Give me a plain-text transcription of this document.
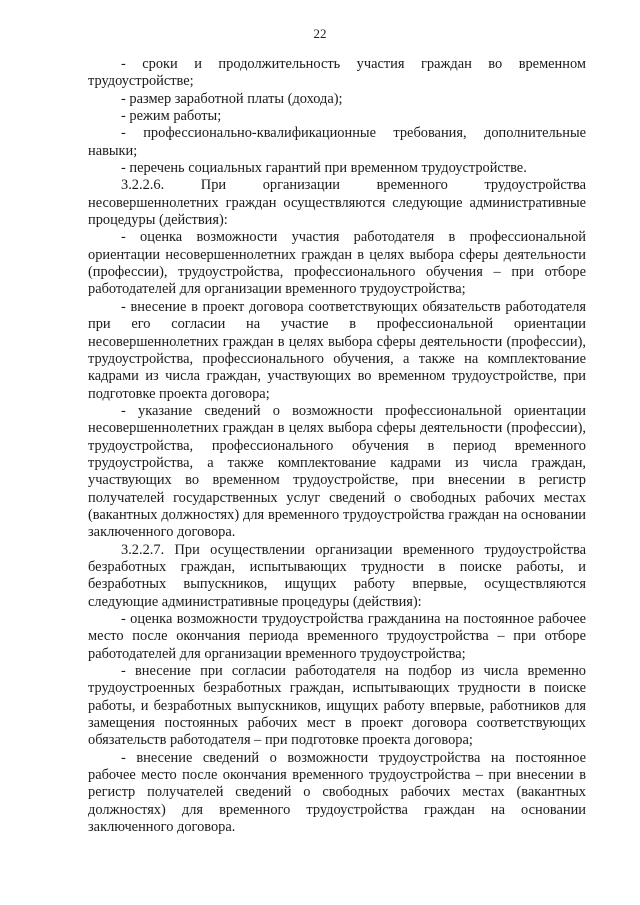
22

- сроки и продолжительность участия граждан во временном трудоустройстве;

- размер заработной платы (дохода);

- режим работы;

- профессионально-квалификационные требования, дополнительные навыки;

- перечень социальных гарантий при временном трудоустройстве.

3.2.2.6. При организации временного трудоустройства несовершеннолетних граждан осуществляются следующие административные процедуры (действия):

- оценка возможности участия работодателя в профессиональной ориентации несовершеннолетних граждан в целях выбора сферы деятельности (профессии), трудоустройства, профессионального обучения – при отборе работодателей для организации временного трудоустройства;

- внесение в проект договора соответствующих обязательств работодателя при его согласии на участие в профессиональной ориентации несовершеннолетних граждан в целях выбора сферы деятельности (профессии), трудоустройства, профессионального обучения, а также на комплектование кадрами из числа граждан, участвующих во временном трудоустройстве, при подготовке проекта договора;

- указание сведений о возможности профессиональной ориентации несовершеннолетних граждан в целях выбора сферы деятельности (профессии), трудоустройства, профессионального обучения в период временного трудоустройства, а также комплектование кадрами из числа граждан, участвующих во временном трудоустройстве, при внесении в регистр получателей государственных услуг сведений о свободных рабочих местах (вакантных должностях) для временного трудоустройства граждан на основании заключенного договора.

3.2.2.7. При осуществлении организации временного трудоустройства безработных граждан, испытывающих трудности в поиске работы, и безработных выпускников, ищущих работу впервые, осуществляются следующие административные процедуры (действия):

- оценка возможности трудоустройства гражданина на постоянное рабочее место после окончания периода временного трудоустройства – при отборе работодателей для организации временного трудоустройства;

- внесение при согласии работодателя на подбор из числа временно трудоустроенных безработных граждан, испытывающих трудности в поиске работы, и безработных выпускников, ищущих работу впервые, работников для замещения постоянных рабочих мест в проект договора соответствующих обязательств работодателя – при подготовке проекта договора;

- внесение сведений о возможности трудоустройства на постоянное рабочее место после окончания временного трудоустройства – при внесении в регистр получателей сведений о свободных рабочих местах (вакантных должностях) для временного трудоустройства граждан на основании заключенного договора.
